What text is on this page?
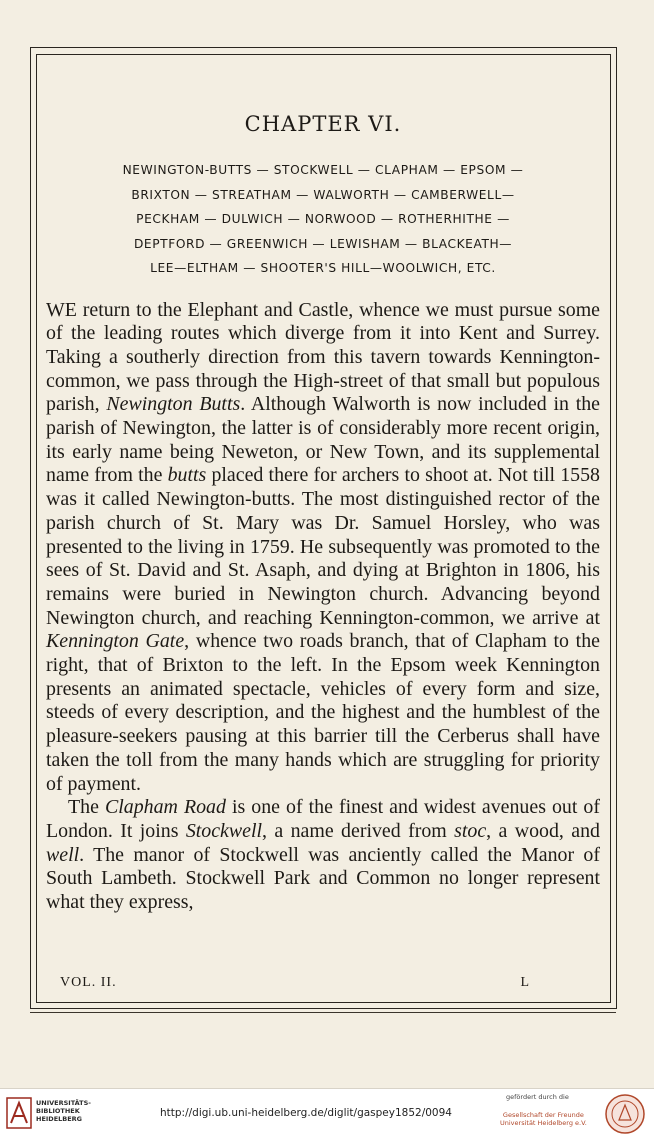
CHAPTER VI.
NEWINGTON-BUTTS — STOCKWELL — CLAPHAM — EPSOM —
BRIXTON — STREATHAM — WALWORTH — CAMBERWELL—
PECKHAM — DULWICH — NORWOOD — ROTHERHITHE —
DEPTFORD — GREENWICH — LEWISHAM — BLACKEATH—
LEE—ELTHAM — SHOOTER'S HILL—WOOLWICH, ETC.

WE return to the Elephant and Castle, whence we must pursue some of the leading routes which diverge from it into Kent and Surrey. Taking a southerly direction from this tavern towards Kennington-common, we pass through the High-street of that small but populous parish, Newington Butts. Although Walworth is now included in the parish of Newington, the latter is of considerably more recent origin, its early name being Neweton, or New Town, and its supplemental name from the butts placed there for archers to shoot at. Not till 1558 was it called Newington-butts. The most distinguished rector of the parish church of St. Mary was Dr. Samuel Horsley, who was presented to the living in 1759. He subsequently was promoted to the sees of St. David and St. Asaph, and dying at Brighton in 1806, his remains were buried in Newington church. Advancing beyond Newington church, and reaching Kennington-common, we arrive at Kennington Gate, whence two roads branch, that of Clapham to the right, that of Brixton to the left. In the Epsom week Kennington presents an animated spectacle, vehicles of every form and size, steeds of every description, and the highest and the humblest of the pleasure-seekers pausing at this barrier till the Cerberus shall have taken the toll from the many hands which are struggling for priority of payment.

The Clapham Road is one of the finest and widest avenues out of London. It joins Stockwell, a name derived from stoc, a wood, and well. The manor of Stockwell was anciently called the Manor of South Lambeth. Stockwell Park and Common no longer represent what they express,

VOL. II.	L
UNIVERSITÄTS-
BIBLIOTHEK
HEIDELBERG	http://digi.ub.uni-heidelberg.de/diglit/gaspey1852/0094
gefördert durch die
Gesellschaft der Freunde
Universität Heidelberg e.V.
